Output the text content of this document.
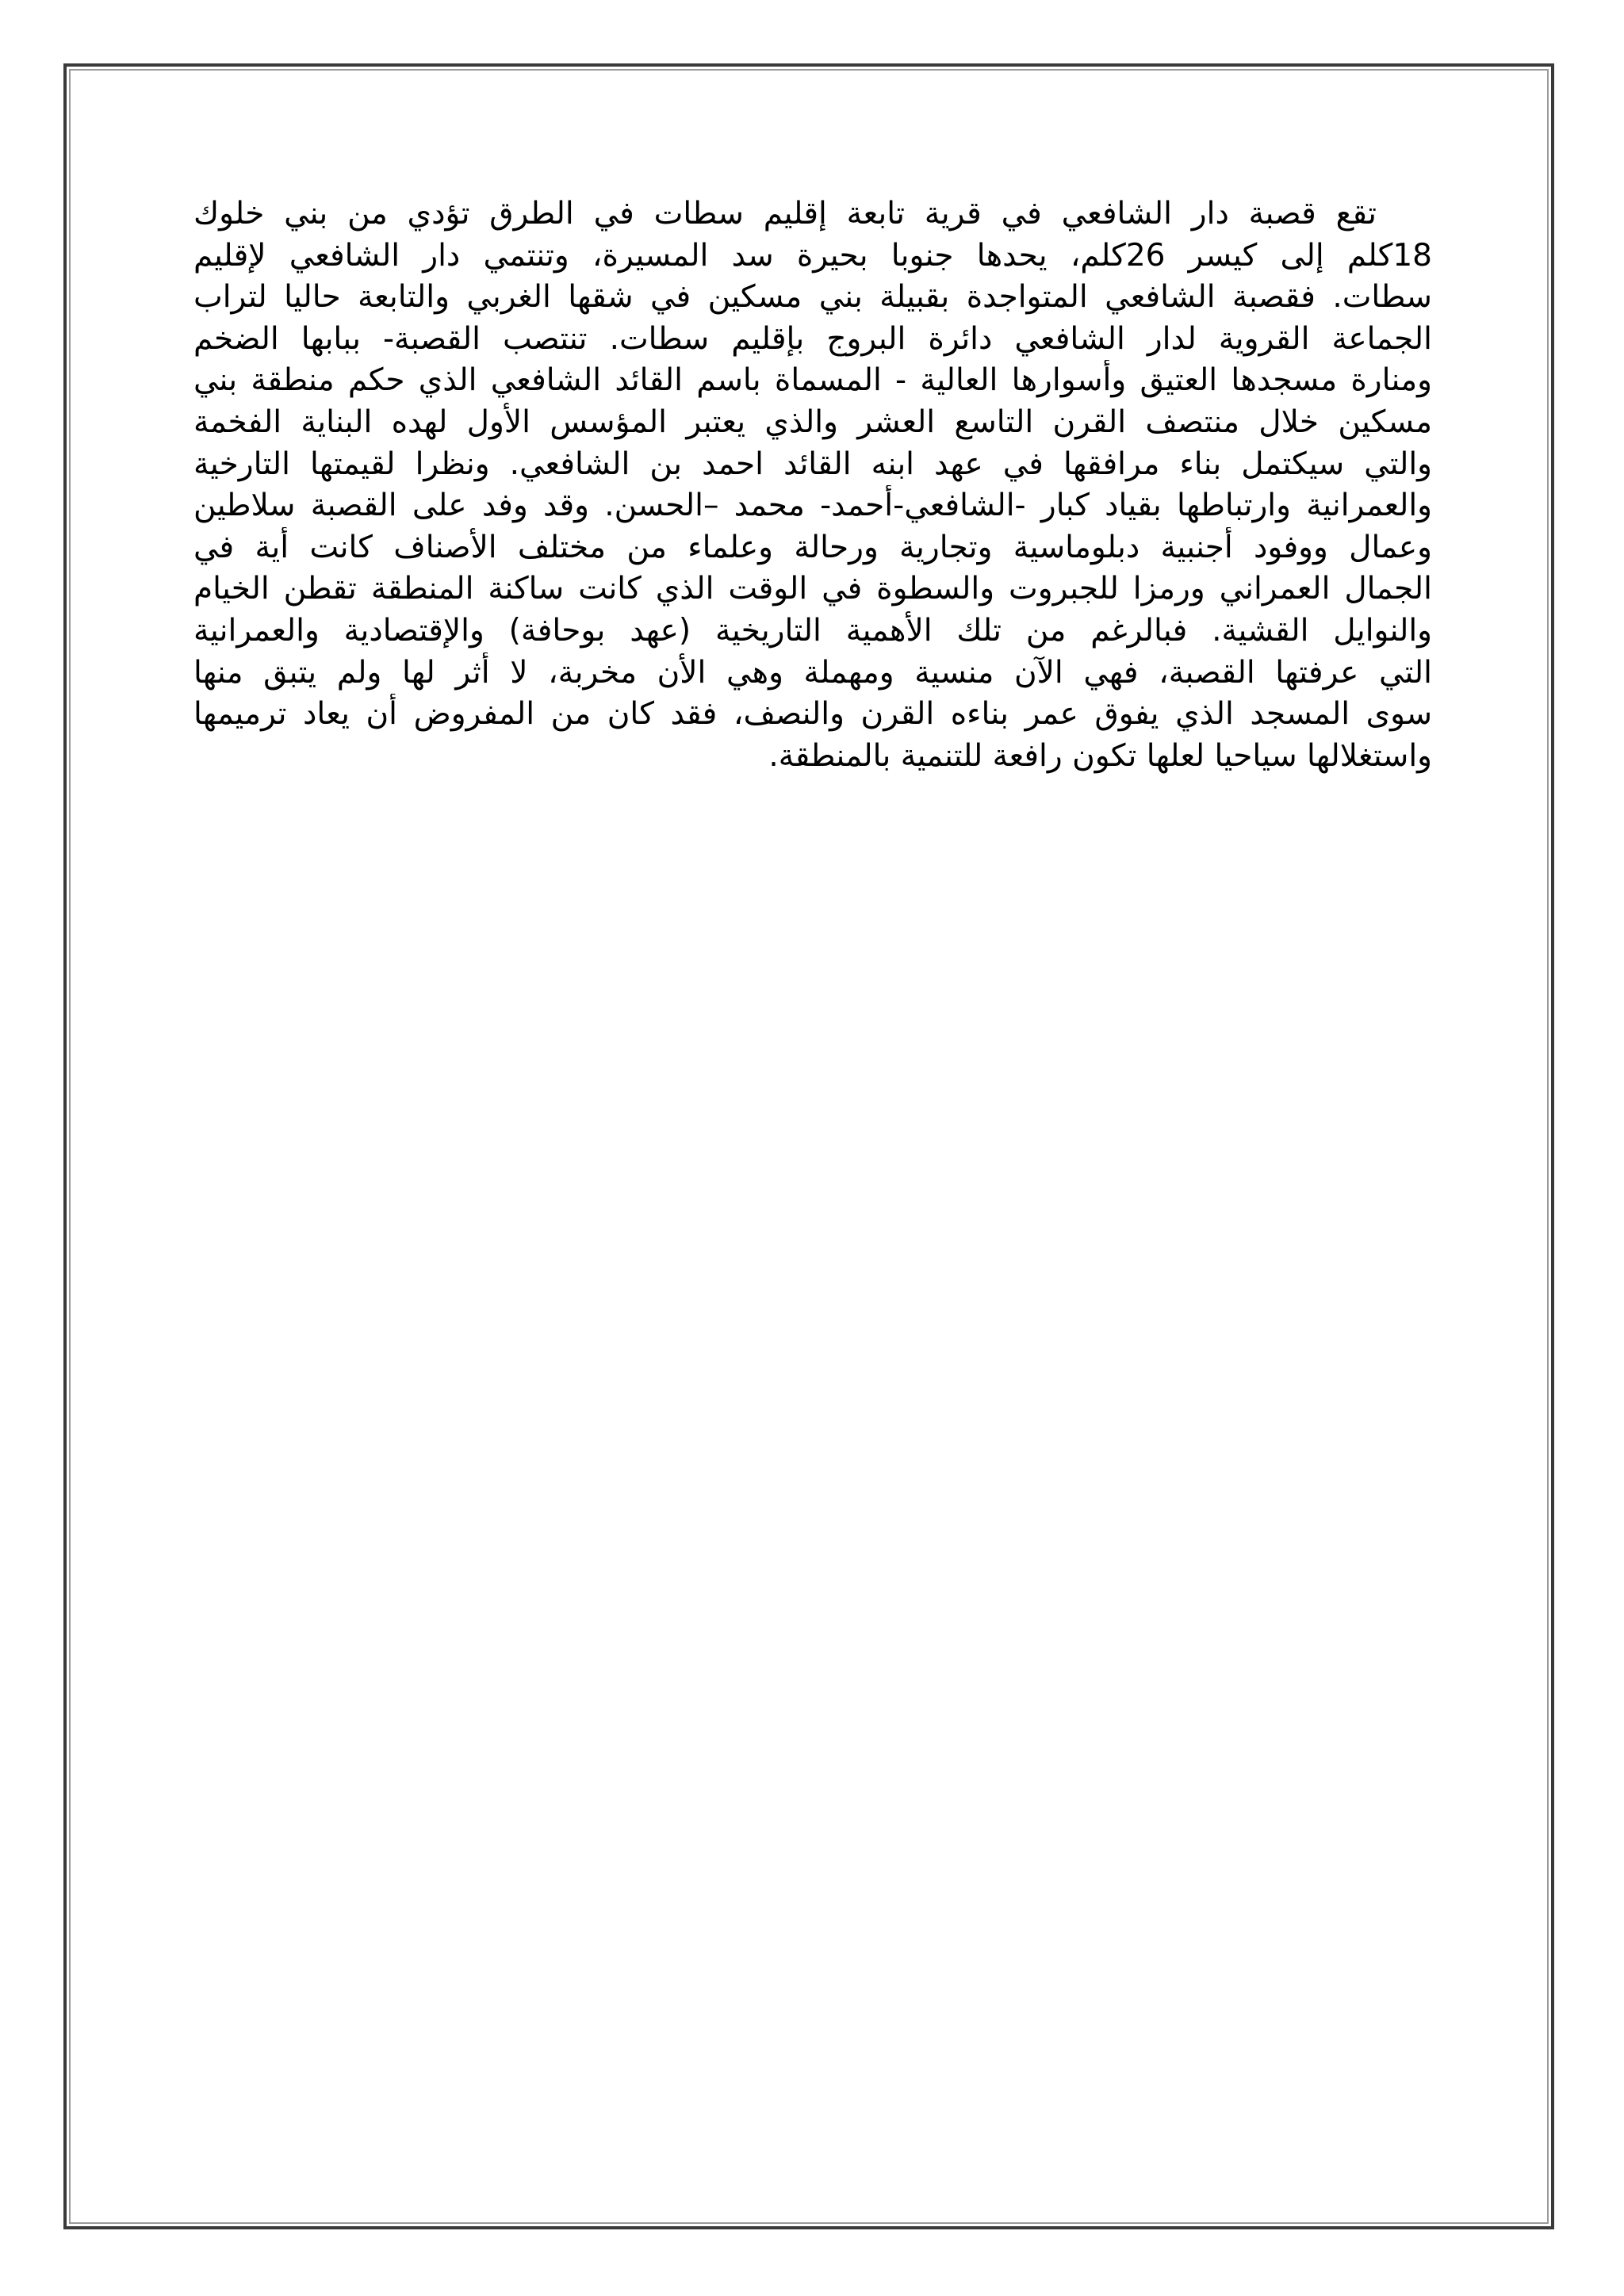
تقع قصبة دار الشافعي في قرية تابعة إقليم سطات في الطرق تؤدي من بني خلوك
18كلم إلى كيسر 26كلم، يحدها جنوبا بحيرة سد المسيرة، وتنتمي دار الشافعي لإقليم
سطات. فقصبة الشافعي المتواجدة بقبيلة بني مسكين في شقها الغربي والتابعة حاليا لتراب
الجماعة القروية لدار الشافعي دائرة البروج بإقليم سطات. تنتصب القصبة- ببابها الضخم
ومنارة مسجدها العتيق وأسوارها العالية - المسماة باسم القائد الشافعي الذي حكم منطقة بني
مسكين خلال منتصف القرن التاسع العشر والذي يعتبر المؤسس الأول لهده البناية الفخمة
والتي سيكتمل بناء مرافقها في عهد ابنه القائد احمد بن الشافعي. ونظرا لقيمتها التارخية
والعمرانية وارتباطها بقياد كبار -الشافعي-أحمد- محمد –الحسن. وقد وفد على القصبة سلاطين
وعمال ووفود أجنبية دبلوماسية وتجارية ورحالة وعلماء من مختلف الأصناف كانت أية في
الجمال العمراني ورمزا للجبروت والسطوة في الوقت الذي كانت ساكنة المنطقة تقطن الخيام
والنوايل القشية. فبالرغم من تلك الأهمية التاريخية (عهد بوحافة) والإقتصادية والعمرانية
التي عرفتها القصبة، فهي الآن منسية ومهملة وهي الأن مخربة، لا أثر لها ولم يتبق منها
سوى المسجد الذي يفوق عمر بناءه القرن والنصف، فقد كان من المفروض أن يعاد ترميمها
واستغلالها سياحيا لعلها تكون رافعة للتنمية بالمنطقة.
